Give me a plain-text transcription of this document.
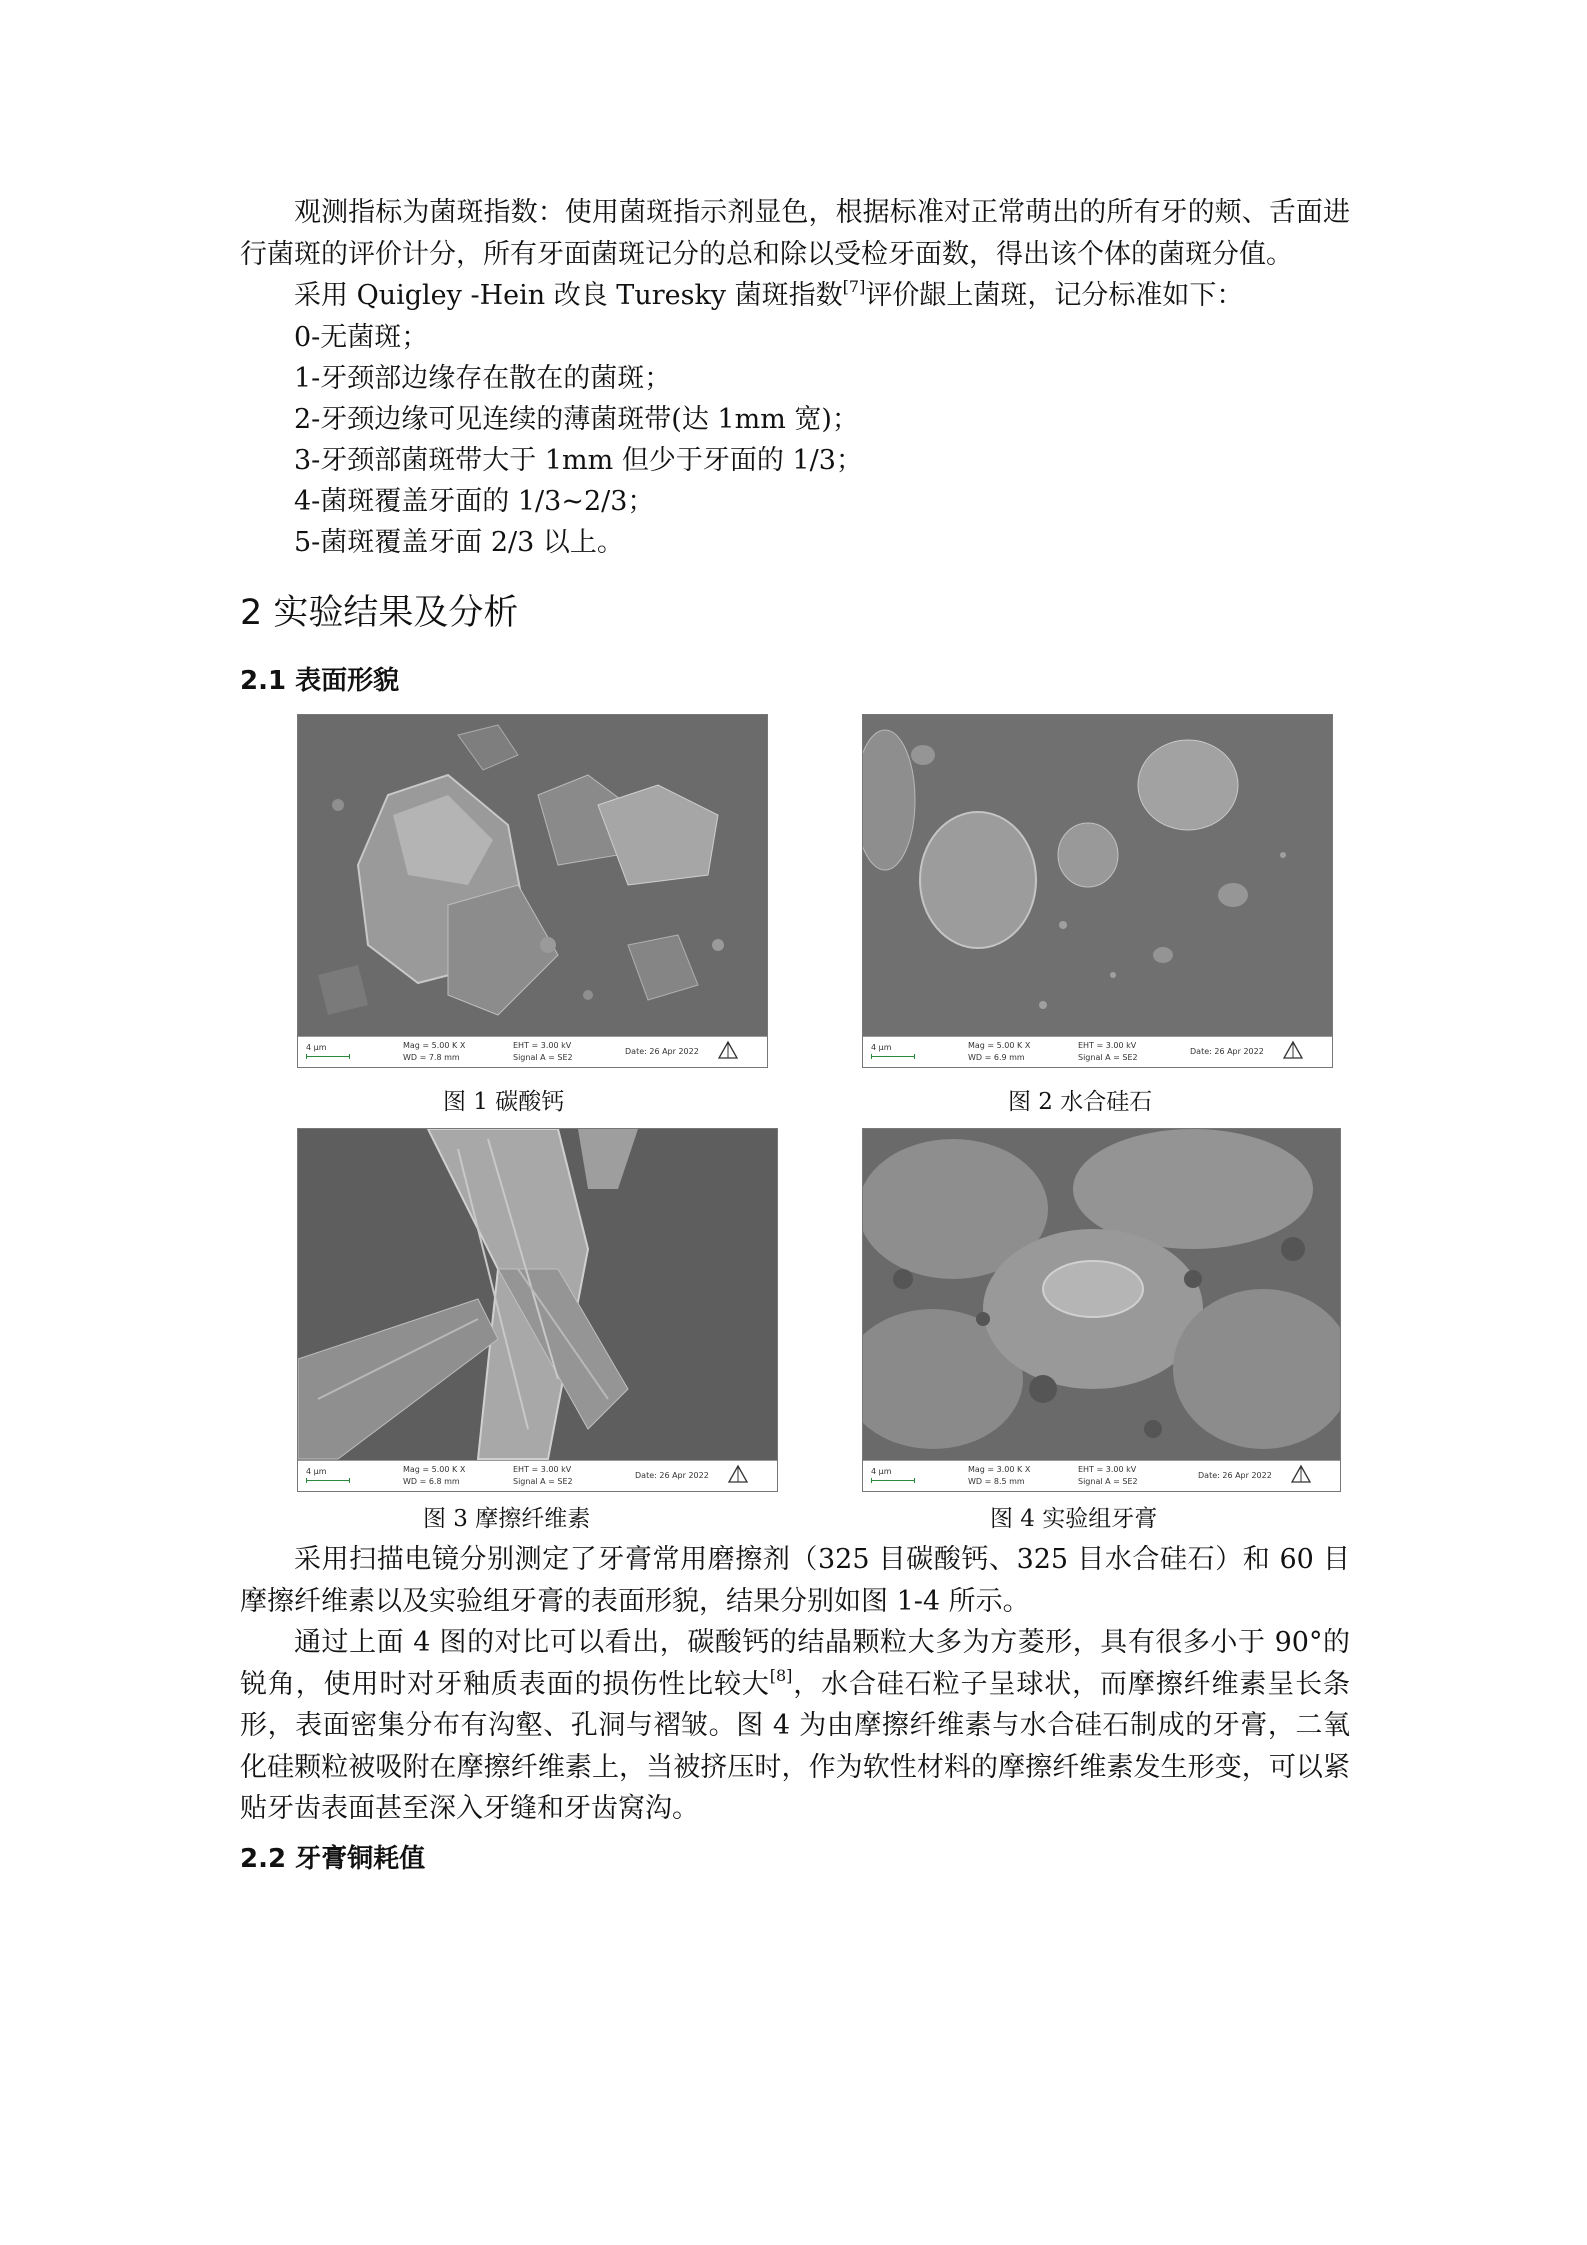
观测指标为菌斑指数：使用菌斑指示剂显色，根据标准对正常萌出的所有牙的颊、舌面进行菌斑的评价计分，所有牙面菌斑记分的总和除以受检牙面数，得出该个体的菌斑分值。

采用 Quigley -Hein 改良 Turesky 菌斑指数[7]评价龈上菌斑，记分标准如下：

0-无菌斑；
1-牙颈部边缘存在散在的菌斑；
2-牙颈边缘可见连续的薄菌斑带(达 1mm 宽)；
3-牙颈部菌斑带大于 1mm 但少于牙面的 1/3；
4-菌斑覆盖牙面的 1/3~2/3；
5-菌斑覆盖牙面 2/3 以上。
2 实验结果及分析
2.1 表面形貌
4 μm	Mag = 5.00 K X
WD = 7.8 mm
EHT = 3.00 kV
Signal A = SE2
Date: 26 Apr 2022
图 1 碳酸钙
4 μm	Mag = 5.00 K X
WD = 6.9 mm
EHT = 3.00 kV
Signal A = SE2
Date: 26 Apr 2022
图 2 水合硅石
4 μm	Mag = 5.00 K X
WD = 6.8 mm
EHT = 3.00 kV
Signal A = SE2
Date: 26 Apr 2022
图 3 摩擦纤维素
4 μm	Mag = 3.00 K X
WD = 8.5 mm
EHT = 3.00 kV
Signal A = SE2
Date: 26 Apr 2022
图 4 实验组牙膏

采用扫描电镜分别测定了牙膏常用磨擦剂（325 目碳酸钙、325 目水合硅石）和 60 目摩擦纤维素以及实验组牙膏的表面形貌，结果分别如图 1-4 所示。

通过上面 4 图的对比可以看出，碳酸钙的结晶颗粒大多为方菱形，具有很多小于 90°的锐角，使用时对牙釉质表面的损伤性比较大[8]，水合硅石粒子呈球状，而摩擦纤维素呈长条形，表面密集分布有沟壑、孔洞与褶皱。图 4 为由摩擦纤维素与水合硅石制成的牙膏，二氧化硅颗粒被吸附在摩擦纤维素上，当被挤压时，作为软性材料的摩擦纤维素发生形变，可以紧贴牙齿表面甚至深入牙缝和牙齿窝沟。

2.2 牙膏铜耗值
